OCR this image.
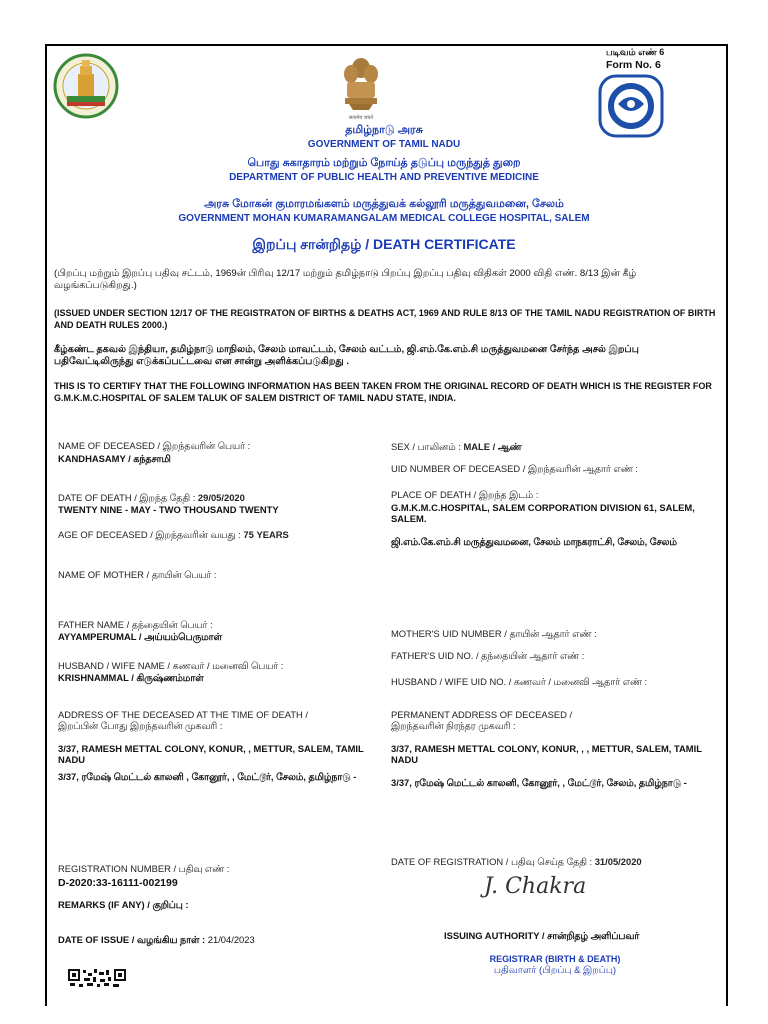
सत्यमेव जयते
படிவம் எண் 6
Form No. 6
தமிழ்நாடு அரசு
GOVERNMENT OF TAMIL NADU
பொது சுகாதாரம் மற்றும் நோய்த் தடுப்பு மருந்துத் துறை
DEPARTMENT OF PUBLIC HEALTH AND PREVENTIVE MEDICINE
அரசு மோகன் குமாரமங்களம் மருத்துவக் கல்லூரி மருத்துவமனை, சேலம்
GOVERNMENT MOHAN KUMARAMANGALAM MEDICAL COLLEGE HOSPITAL, SALEM
இறப்பு சான்றிதழ் / DEATH CERTIFICATE
(பிறப்பு மற்றும் இறப்பு பதிவு சட்டம், 1969ன் பிரிவு 12/17 மற்றும் தமிழ்நாடு பிறப்பு இறப்பு பதிவு விதிகள் 2000 விதி எண். 8/13 இன் கீழ் வழங்கப்படுகிறது.)
(ISSUED UNDER SECTION 12/17 OF THE REGISTRATON OF BIRTHS & DEATHS ACT, 1969 AND RULE 8/13 OF THE TAMIL NADU REGISTRATION OF BIRTH AND DEATH RULES 2000.)
கீழ்கண்ட தகவல் இந்தியா, தமிழ்நாடு மாநிலம், சேலம் மாவட்டம், சேலம் வட்டம், ஜி.எம்.கே.எம்.சி மருத்துவமனை சேர்ந்த அசல் இறப்பு பதிவேட்டிலிருந்து எடுக்கப்பட்டவை என சான்று அளிக்கப்படுகிறது .
THIS IS TO CERTIFY THAT THE FOLLOWING INFORMATION HAS BEEN TAKEN FROM THE ORIGINAL RECORD OF DEATH WHICH IS THE REGISTER FOR G.M.K.M.C.HOSPITAL OF SALEM TALUK OF SALEM DISTRICT OF TAMIL NADU STATE, INDIA.
NAME OF DECEASED / இறந்தவரின் பெயர் :
KANDHASAMY / கந்தசாமி
DATE OF DEATH / இறந்த தேதி : 29/05/2020
TWENTY NINE - MAY - TWO THOUSAND TWENTY
AGE OF DECEASED / இறந்தவரின் வயது : 75 YEARS
NAME OF MOTHER / தாயின் பெயர் :
FATHER NAME / தந்தையின் பெயர் :
AYYAMPERUMAL / அய்யம்பெருமாள்
HUSBAND / WIFE NAME / கணவர் / மனைவி பெயர் :
KRISHNAMMAL / கிருஷ்ணம்மாள்
ADDRESS OF THE DECEASED AT THE TIME OF DEATH /
இறப்பின் போது இறந்தவரின் முகவரி :
3/37, RAMESH METTAL COLONY, KONUR, , METTUR, SALEM, TAMIL NADU
3/37, ரமேஷ் மெட்டல் காலனி , கோனூர், , மேட்டூர், சேலம், தமிழ்நாடு -
REGISTRATION NUMBER / பதிவு எண் :
D-2020:33-16111-002199
REMARKS (IF ANY) / குறிப்பு :
DATE OF ISSUE / வழங்கிய நாள் : 21/04/2023
SEX / பாலினம் : MALE / ஆண்
UID NUMBER OF DECEASED / இறந்தவரின் ஆதார் எண் :
PLACE OF DEATH / இறந்த இடம் :
G.M.K.M.C.HOSPITAL, SALEM CORPORATION DIVISION 61, SALEM, SALEM.
ஜி.எம்.கே.எம்.சி மருத்துவமனை, சேலம் மாநகராட்சி, சேலம், சேலம்
MOTHER'S UID NUMBER / தாயின் ஆதார் எண் :
FATHER'S UID NO. / தந்தையின் ஆதார் எண் :
HUSBAND / WIFE UID NO. / கணவர் / மனைவி ஆதார் எண் :
PERMANENT ADDRESS OF DECEASED /
இறந்தவரின் நிரந்தர முகவரி :
3/37, RAMESH METTAL COLONY, KONUR, , , METTUR, SALEM, TAMIL NADU
3/37, ரமேஷ் மெட்டல் காலனி, கோனூர், , மேட்டூர், சேலம், தமிழ்நாடு -
DATE OF REGISTRATION / பதிவு செய்த தேதி : 31/05/2020
J. Chakra
ISSUING AUTHORITY / சான்றிதழ் அளிப்பவர்
REGISTRAR (BIRTH & DEATH)
பதிவாளர் (பிறப்பு & இறப்பு)
